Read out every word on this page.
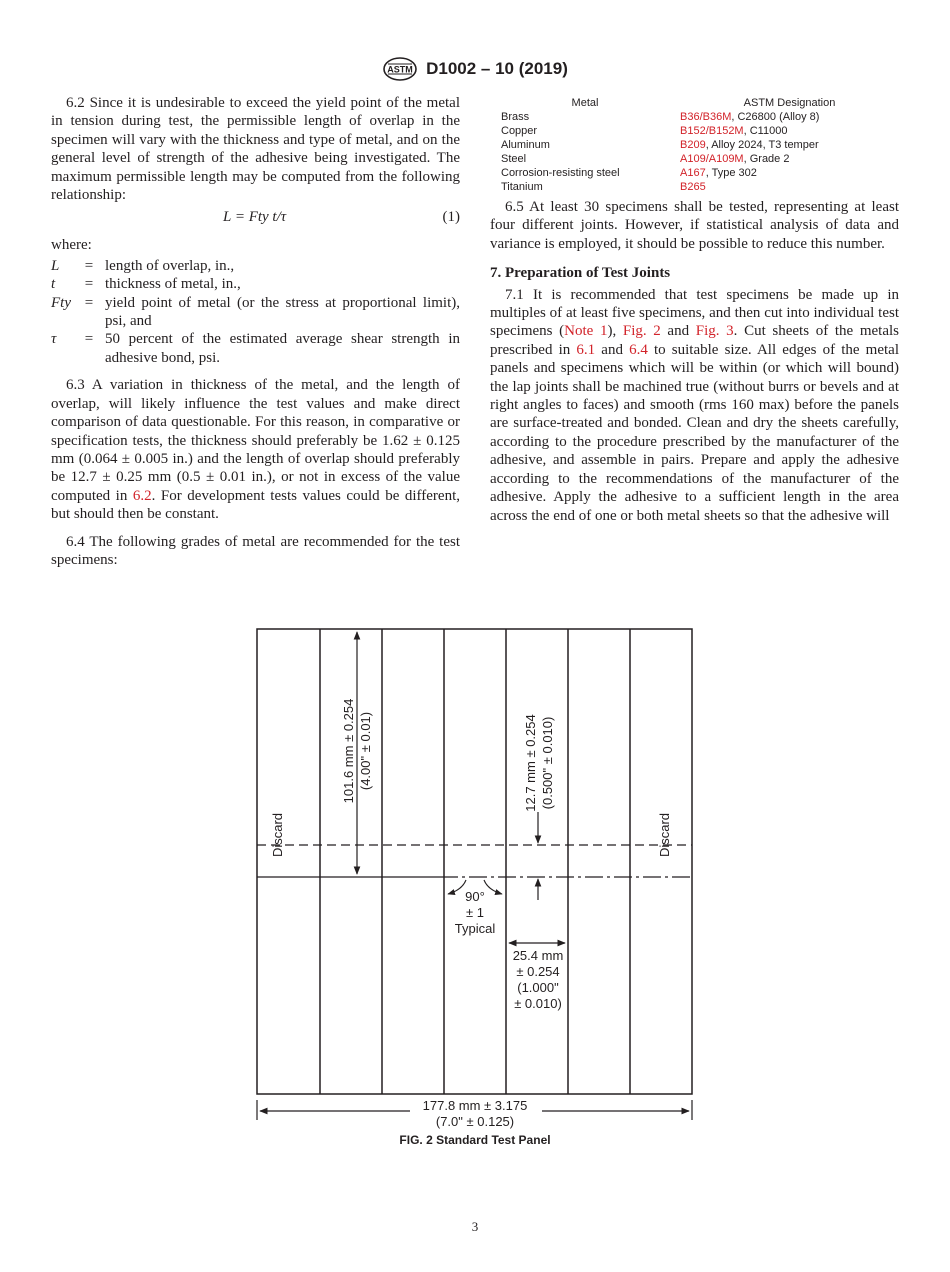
ASTM D1002 – 10 (2019)

6.2 Since it is undesirable to exceed the yield point of the metal in tension during test, the permissible length of overlap in the specimen will vary with the thickness and type of metal, and on the general level of strength of the adhesive being investigated. The maximum permissible length may be computed from the following relationship:

L = Fty t/τ	(1)

where:

L	= length of overlap, in.,
t	= thickness of metal, in.,
Fty = yield point of metal (or the stress at proportional limit), psi, and
τ	= 50 percent of the estimated average shear strength in adhesive bond, psi.

6.3 A variation in thickness of the metal, and the length of overlap, will likely influence the test values and make direct comparison of data questionable. For this reason, in comparative or specification tests, the thickness should preferably be 1.62 ± 0.125 mm (0.064 ± 0.005 in.) and the length of overlap should preferably be 12.7 ± 0.25 mm (0.5 ± 0.01 in.), or not in excess of the value computed in 6.2. For development tests values could be different, but should then be constant.

6.4 The following grades of metal are recommended for the test specimens:

Metal	ASTM Designation
Brass	B36/B36M, C26800 (Alloy 8)
Copper	B152/B152M, C11000
Aluminum	B209, Alloy 2024, T3 temper
Steel	A109/A109M, Grade 2
Corrosion-resisting steel	A167, Type 302
Titanium	B265

6.5 At least 30 specimens shall be tested, representing at least four different joints. However, if statistical analysis of data and variance is employed, it should be possible to reduce this number.

7. Preparation of Test Joints

7.1 It is recommended that test specimens be made up in multiples of at least five specimens, and then cut into individual test specimens (Note 1), Fig. 2 and Fig. 3. Cut sheets of the metals prescribed in 6.1 and 6.4 to suitable size. All edges of the metal panels and specimens which will be within (or which will bound) the lap joints shall be machined true (without burrs or bevels and at right angles to faces) and smooth (rms 160 max) before the panels are surface-treated and bonded. Clean and dry the sheets carefully, according to the procedure prescribed by the manufacturer of the adhesive, and assemble in pairs. Prepare and apply the adhesive according to the recommendations of the manufacturer of the adhesive. Apply the adhesive to a sufficient length in the area across the end of one or both metal sheets so that the adhesive will

101.6 mm ± 0.254 (4.00" ± 0.01)	12.7 mm ± 0.254 (0.500" ± 0.010)
Discard	Discard
90°
± 1
Typical
25.4 mm
± 0.254
(1.000"
± 0.010)
177.8 mm ± 3.175
(7.0" ± 0.125)
FIG. 2 Standard Test Panel
3
